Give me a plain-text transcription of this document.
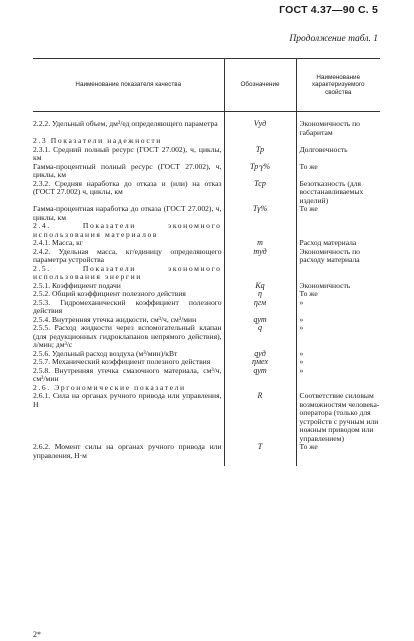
ГОСТ 4.37—90 С. 5
Продолжение табл. 1
Наименование показателя качества	Обозначение	Наименование характеризуемого свойства
2.2.2. Удельный объем, дм³/ед определяющего параметра	Vуд	Экономичность по габаритам
2.3 Показатели надежности		
2.3.1. Средний полный ресурс (ГОСТ 27.002), ч, циклы, км	Тр	Долговечность
Гамма-процентный полный ресурс (ГОСТ 27.002), ч, циклы, км	Тр·γ%	То же
2.3.2. Средняя наработка до отказа и (или) на отказ (ГОСТ 27.002) ч, циклы, км	Тср	Безотказность (для восстанавливаемых изделий)
Гамма-процентная наработка до отказа (ГОСТ 27.002), ч, циклы, км	Тγ%	То же
2.4. Показатели экономного использования материалов		
2.4.1. Масса, кг	m	Расход материала
2.4.2. Удельная масса, кг/единицу определяющего параметра устройства	mуд	Экономичность по расходу материала
2.5. Показатели экономного использования энергии		
2.5.1. Коэффициент подачи	Кq	Экономичность
2.5.2. Общий коэффициент полезного действия	η	То же
2.5.3. Гидромеханический коэффициент полезного действия	ηгм	»
2.5.4. Внутренняя утечка жидкости, см³/ч, см³/мин	qут	»
2.5.5. Расход жидкости через вспомогательный клапан (для редукционных гидроклапанов непрямого действия), л/мин; дм³/с	q	»
2.5.6. Удельный расход воздуха (м³/мин)/кВт	qуд	»
2.5.7. Механический коэффициент полезного действия	ηмех	»
2.5.8. Внутренняя утечка смазочного материала, см³/ч, см³/мин	qут	»
2.6. Эргономические показатели		
2.6.1. Сила на органах ручного привода или управления, Н	R	Соответствие силовым возможностям человека-оператора (только для устройств с ручным или ножным приводом или управлением)
2.6.2. Момент силы на органах ручного привода или управления, Н·м	T	То же
2*
